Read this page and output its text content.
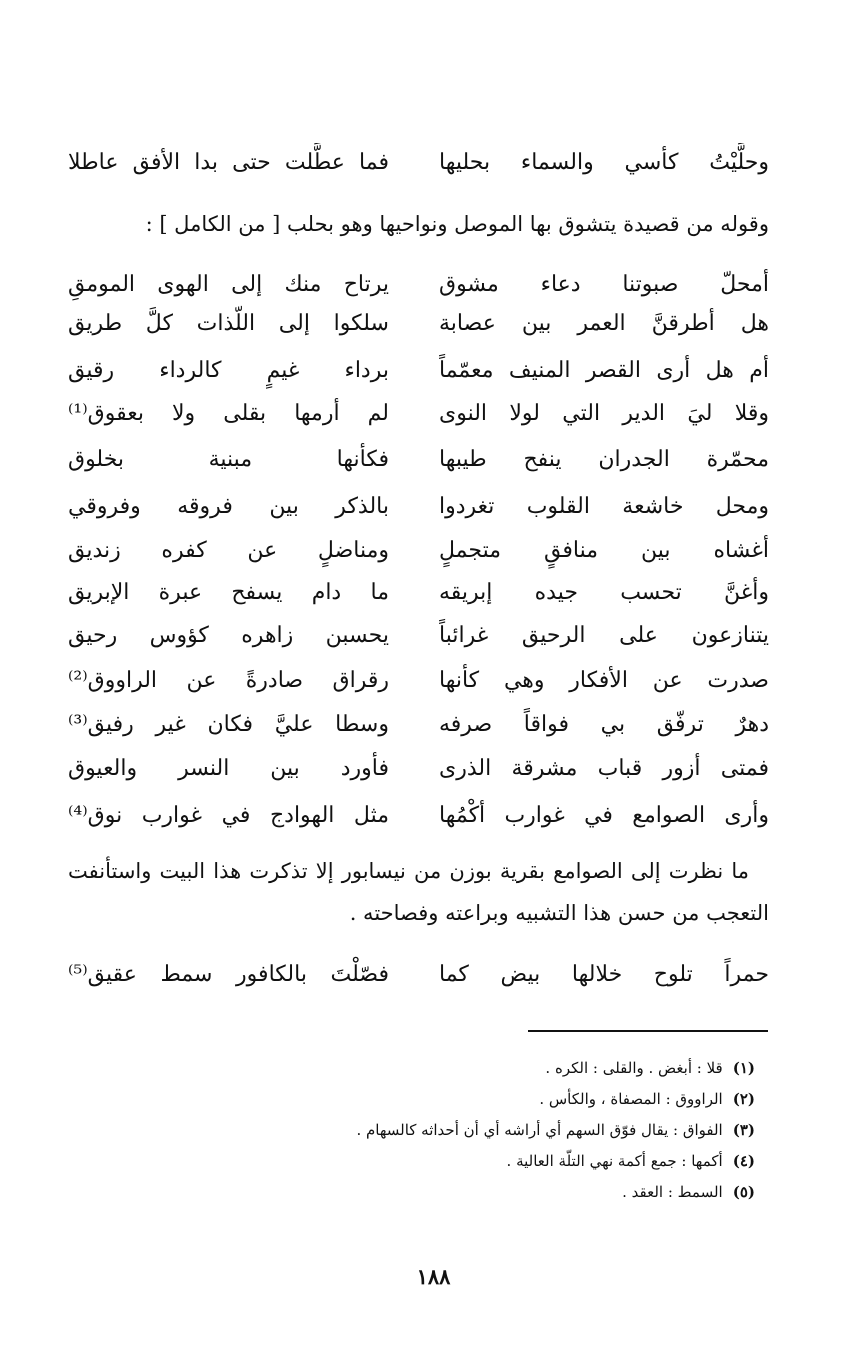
وحلَّيْتُ كأسي والسماء بحليها
فما عطَّلت حتى بدا الأفق عاطلا
وقوله من قصيدة يتشوق بها الموصل ونواحيها وهو بحلب [ من الكامل ] :
أمحلّ صبوتنا دعاء مشوق
يرتاح منك إلى الهوى المومقِ
هل أطرقنَّ العمر بين عصابة
سلكوا إلى اللّذات كلَّ طريق
أم هل أرى القصر المنيف معمّماً
برداء غيمٍ كالرداء رقيق
وقلا ليَ الدير التي لولا النوى
لم أرمها بقلى ولا بعقوق⁽¹⁾
محمّرة الجدران ينفح طيبها
فكأنها مبنية بخلوق
ومحل خاشعة القلوب تغردوا
بالذكر بين فروقه وفروقي
أغشاه بين منافقٍ متجملٍ
ومناضلٍ عن كفره زنديق
وأغنَّ تحسب جيده إبريقه
ما دام يسفح عبرة الإبريق
يتنازعون على الرحيق غرائباً
يحسبن زاهره كؤوس رحيق
صدرت عن الأفكار وهي كأنها
رقراق صادرةً عن الراووق⁽²⁾
دهرٌ ترفّق بي فواقاً صرفه
وسطا عليَّ فكان غير رفيق⁽³⁾
فمتى أزور قباب مشرقة الذرى
فأورد بين النسر والعيوق
وأرى الصوامع في غوارب أكْمُها
مثل الهوادج في غوارب نوق⁽⁴⁾
ما نظرت إلى الصوامع بقرية بوزن من نيسابور إلا تذكرت هذا البيت واستأنفت التعجب من حسن هذا التشبيه وبراعته وفصاحته .
حمراً تلوح خلالها بيض كما
فصّلْتَ بالكافور سمط عقيق⁽⁵⁾
(١)قلا : أبغض . والقلى : الكره .
(٢)الراووق : المصفاة ، والكأس .
(٣)الفواق : يقال فوّق السهم أي أراشه أي أن أحداثه كالسهام .
(٤)أكمها : جمع أكمة نهي التلّة العالية .
(٥)السمط : العقد .
١٨٨
